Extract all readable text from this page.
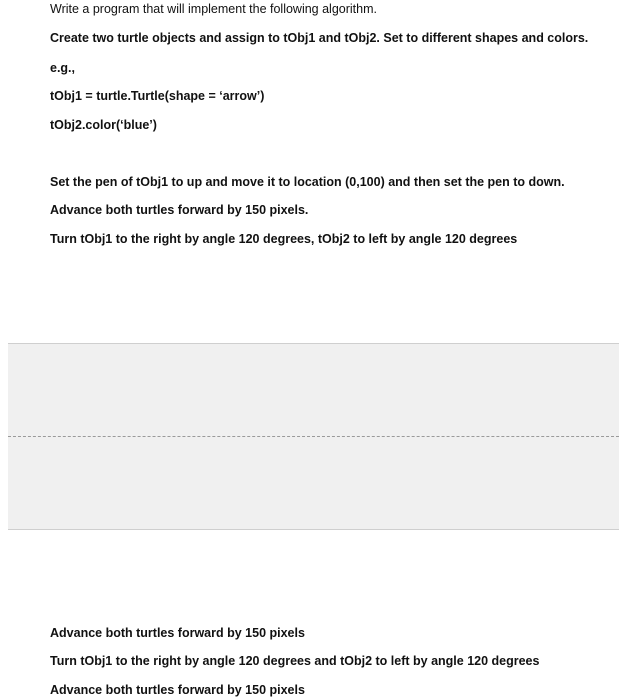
Write a program that will implement the following algorithm.
Create two turtle objects and assign to tObj1 and tObj2. Set to different shapes and colors.
e.g.,
tObj1 = turtle.Turtle(shape = ‘arrow’)
tObj2.color(‘blue’)
Set the pen of tObj1 to up and move it to location (0,100) and then set the pen to down.
Advance both turtles forward by 150 pixels.
Turn tObj1 to the right by angle 120 degrees, tObj2 to left by angle 120 degrees
Advance both turtles forward by 150 pixels
Turn tObj1 to the right by angle 120 degrees and tObj2 to left by angle 120 degrees
Advance both turtles forward by 150 pixels
